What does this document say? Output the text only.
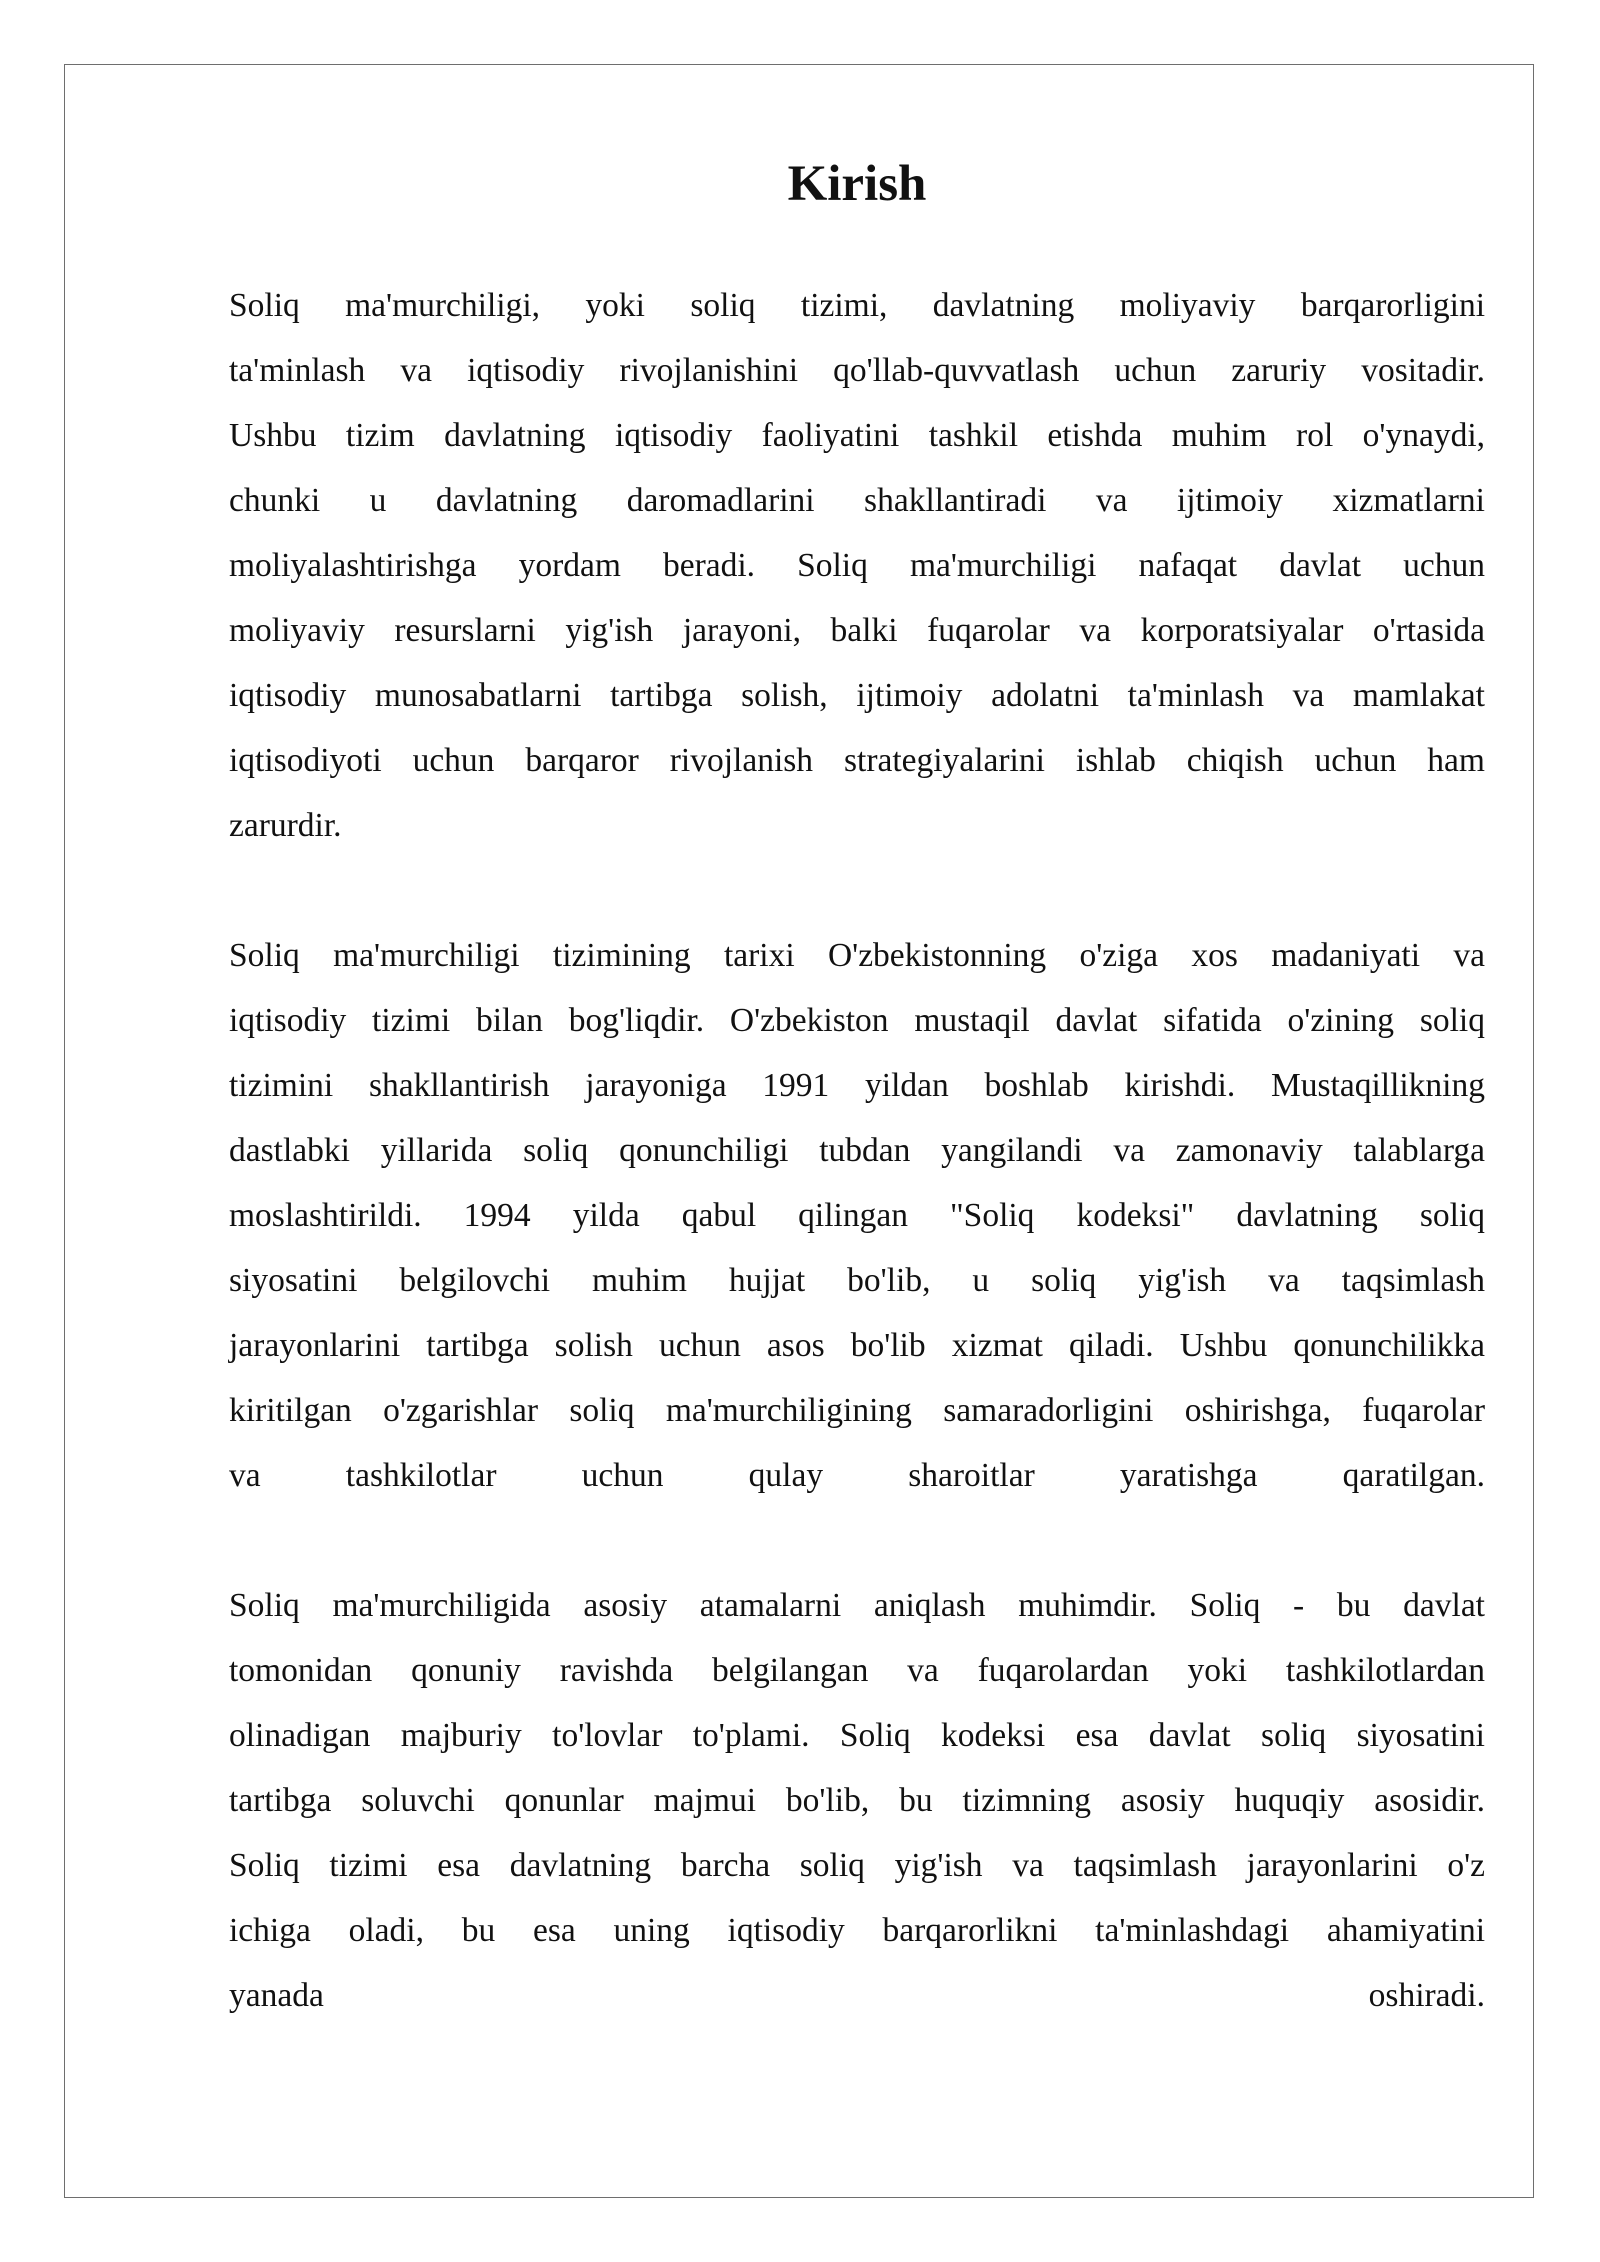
Kirish
Soliq ma'murchiligi, yoki soliq tizimi, davlatning moliyaviy barqarorligini
ta'minlash va iqtisodiy rivojlanishini qo'llab-quvvatlash uchun zaruriy vositadir.
Ushbu tizim davlatning iqtisodiy faoliyatini tashkil etishda muhim rol o'ynaydi,
chunki u davlatning daromadlarini shakllantiradi va ijtimoiy xizmatlarni
moliyalashtirishga yordam beradi. Soliq ma'murchiligi nafaqat davlat uchun
moliyaviy resurslarni yig'ish jarayoni, balki fuqarolar va korporatsiyalar o'rtasida
iqtisodiy munosabatlarni tartibga solish, ijtimoiy adolatni ta'minlash va mamlakat
iqtisodiyoti uchun barqaror rivojlanish strategiyalarini ishlab chiqish uchun ham
zarurdir.
Soliq ma'murchiligi tizimining tarixi O'zbekistonning o'ziga xos madaniyati va
iqtisodiy tizimi bilan bog'liqdir. O'zbekiston mustaqil davlat sifatida o'zining soliq
tizimini shakllantirish jarayoniga 1991 yildan boshlab kirishdi. Mustaqillikning
dastlabki yillarida soliq qonunchiligi tubdan yangilandi va zamonaviy talablarga
moslashtirildi. 1994 yilda qabul qilingan "Soliq kodeksi" davlatning soliq
siyosatini belgilovchi muhim hujjat bo'lib, u soliq yig'ish va taqsimlash
jarayonlarini tartibga solish uchun asos bo'lib xizmat qiladi. Ushbu qonunchilikka
kiritilgan o'zgarishlar soliq ma'murchiligining samaradorligini oshirishga, fuqarolar
va tashkilotlar uchun qulay sharoitlar yaratishga qaratilgan.
Soliq ma'murchiligida asosiy atamalarni aniqlash muhimdir. Soliq - bu davlat
tomonidan qonuniy ravishda belgilangan va fuqarolardan yoki tashkilotlardan
olinadigan majburiy to'lovlar to'plami. Soliq kodeksi esa davlat soliq siyosatini
tartibga soluvchi qonunlar majmui bo'lib, bu tizimning asosiy huquqiy asosidir.
Soliq tizimi esa davlatning barcha soliq yig'ish va taqsimlash jarayonlarini o'z
ichiga oladi, bu esa uning iqtisodiy barqarorlikni ta'minlashdagi ahamiyatini
yanada oshiradi.
